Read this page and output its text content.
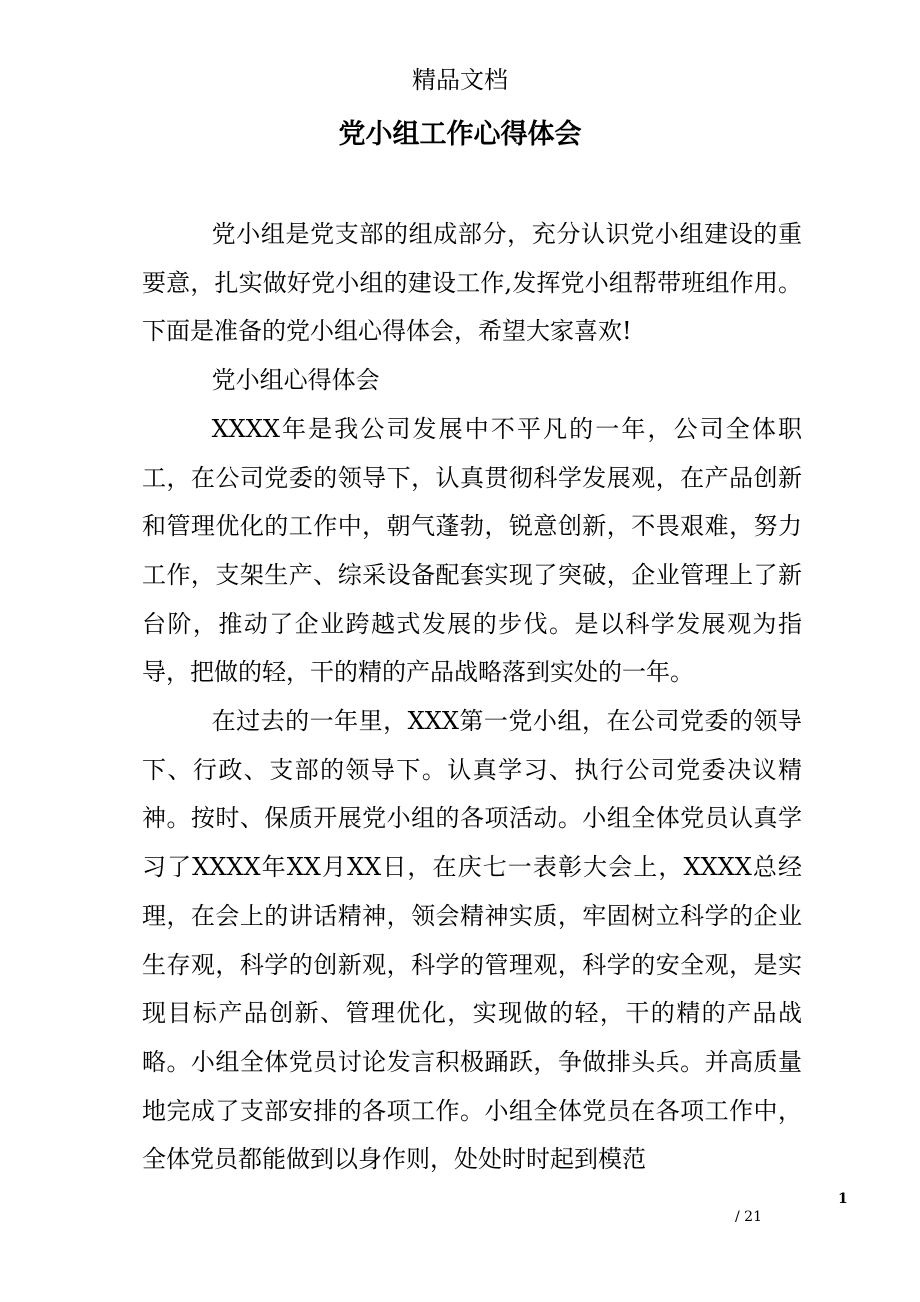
精品文档
党小组工作心得体会

党小组是党支部的组成部分，充分认识党小组建设的重要意，扎实做好党小组的建设工作,发挥党小组帮带班组作用。下面是准备的党小组心得体会，希望大家喜欢!

党小组心得体会

XXXX年是我公司发展中不平凡的一年，公司全体职工，在公司党委的领导下，认真贯彻科学发展观，在产品创新和管理优化的工作中，朝气蓬勃，锐意创新，不畏艰难，努力工作，支架生产、综采设备配套实现了突破，企业管理上了新台阶，推动了企业跨越式发展的步伐。是以科学发展观为指导，把做的轻，干的精的产品战略落到实处的一年。

在过去的一年里，XXX第一党小组，在公司党委的领导下、行政、支部的领导下。认真学习、执行公司党委决议精神。按时、保质开展党小组的各项活动。小组全体党员认真学习了XXXX年XX月XX日，在庆七一表彰大会上，XXXX总经理，在会上的讲话精神，领会精神实质，牢固树立科学的企业生存观，科学的创新观，科学的管理观，科学的安全观，是实现目标产品创新、管理优化，实现做的轻，干的精的产品战略。小组全体党员讨论发言积极踊跃，争做排头兵。并高质量地完成了支部安排的各项工作。小组全体党员在各项工作中，全体党员都能做到以身作则，处处时时起到模范

1
/ 21
